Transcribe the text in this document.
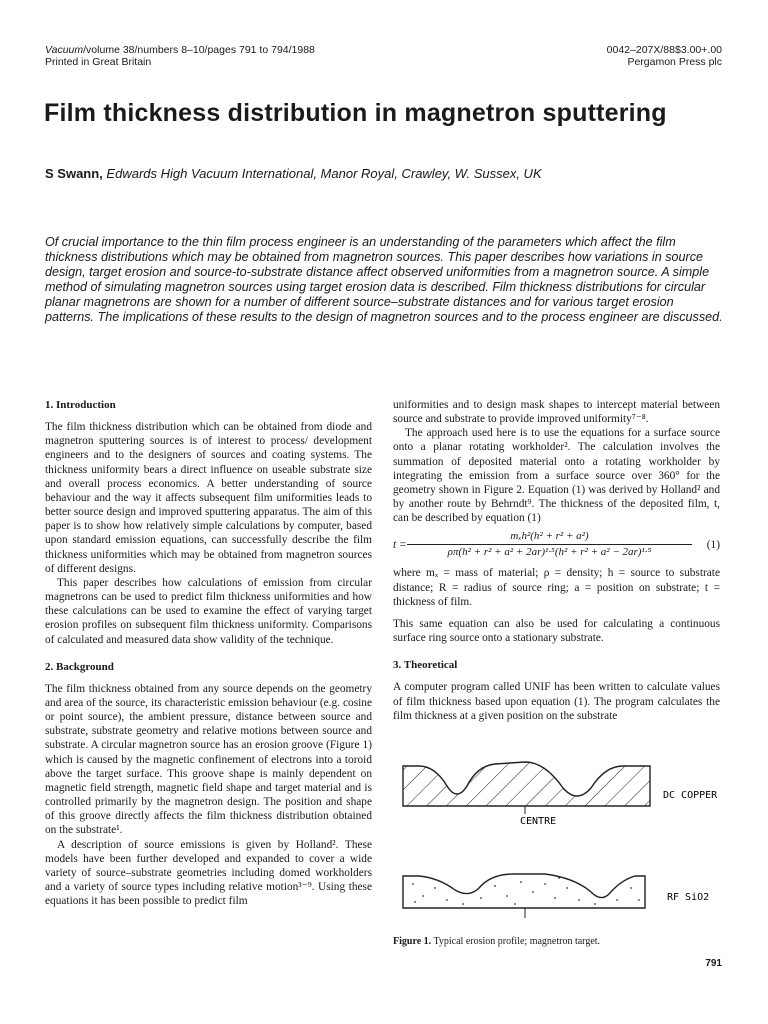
Vacuum/volume 38/numbers 8–10/pages 791 to 794/1988
Printed in Great Britain
0042–207X/88$3.00+.00
Pergamon Press plc
Film thickness distribution in magnetron sputtering
S Swann, Edwards High Vacuum International, Manor Royal, Crawley, W. Sussex, UK
Of crucial importance to the thin film process engineer is an understanding of the parameters which affect the film thickness distributions which may be obtained from magnetron sources. This paper describes how variations in source design, target erosion and source-to-substrate distance affect observed uniformities from a magnetron source. A simple method of simulating magnetron sources using target erosion data is described. Film thickness distributions for circular planar magnetrons are shown for a number of different source–substrate distances and for various target erosion patterns. The implications of these results to the design of magnetron sources and to the process engineer are discussed.
1. Introduction

The film thickness distribution which can be obtained from diode and magnetron sputtering sources is of interest to process/ development engineers and to the designers of sources and coating systems. The thickness uniformity bears a direct influence on useable substrate size and overall process economics. A better understanding of source behaviour and the way it affects subsequent film uniformities leads to better source design and improved sputtering apparatus. The aim of this paper is to show how relatively simple calculations by computer, based upon standard emission equations, can successfully describe the film thickness uniformities which may be obtained from magnetron sources of different designs.

This paper describes how calculations of emission from circular magnetrons can be used to predict film thickness uniformities and how these calculations can be used to examine the effect of varying target erosion profiles on subsequent film thickness uniformity. Comparisons of calculated and measured data show validity of the technique.

2. Background

The film thickness obtained from any source depends on the geometry and area of the source, its characteristic emission behaviour (e.g. cosine or point source), the ambient pressure, distance between source and substrate, substrate geometry and relative motions between source and substrate. A circular magnetron source has an erosion groove (Figure 1) which is caused by the magnetic confinement of electrons into a toroid above the target surface. This groove shape is mainly dependent on magnetic field strength, magnetic field shape and target material and is controlled primarily by the magnetron design. The position and shape of this groove directly affects the film thickness distribution obtained on the substrate¹.

A description of source emissions is given by Holland². These models have been further developed and expanded to cover a wide variety of source–substrate geometries including domed workholders and a variety of source types including relative motion³⁻⁹. Using these equations it has been possible to predict film

uniformities and to design mask shapes to intercept material between source and substrate to provide improved uniformity⁷⁻⁸.

The approach used here is to use the equations for a surface source onto a planar rotating workholder². The calculation involves the summation of deposited material onto a rotating workholder by integrating the emission from a surface source over 360° for the geometry shown in Figure 2. Equation (1) was derived by Holland² and by another route by Behrndt⁹. The thickness of the deposited film, t, can be described by equation (1)

$t = \frac{\text{mₓh²(h² + r² + a²)}}{\text{ρπ(h² + r² + a² + 2ar)¹·⁵(h² + r² + a² − 2ar)¹·⁵}}$	(1)

where mₓ = mass of material; ρ = density; h = source to substrate distance; R = radius of source ring; a = position on substrate; t = thickness of film.

This same equation can also be used for calculating a continuous surface ring source onto a stationary substrate.

3. Theoretical

A computer program called UNIF has been written to calculate values of film thickness based upon equation (1). The program calculates the film thickness at a given position on the substrate

DC COPPER
CENTRE
RF SiO2
Figure 1. Typical erosion profile; magnetron target.
791
